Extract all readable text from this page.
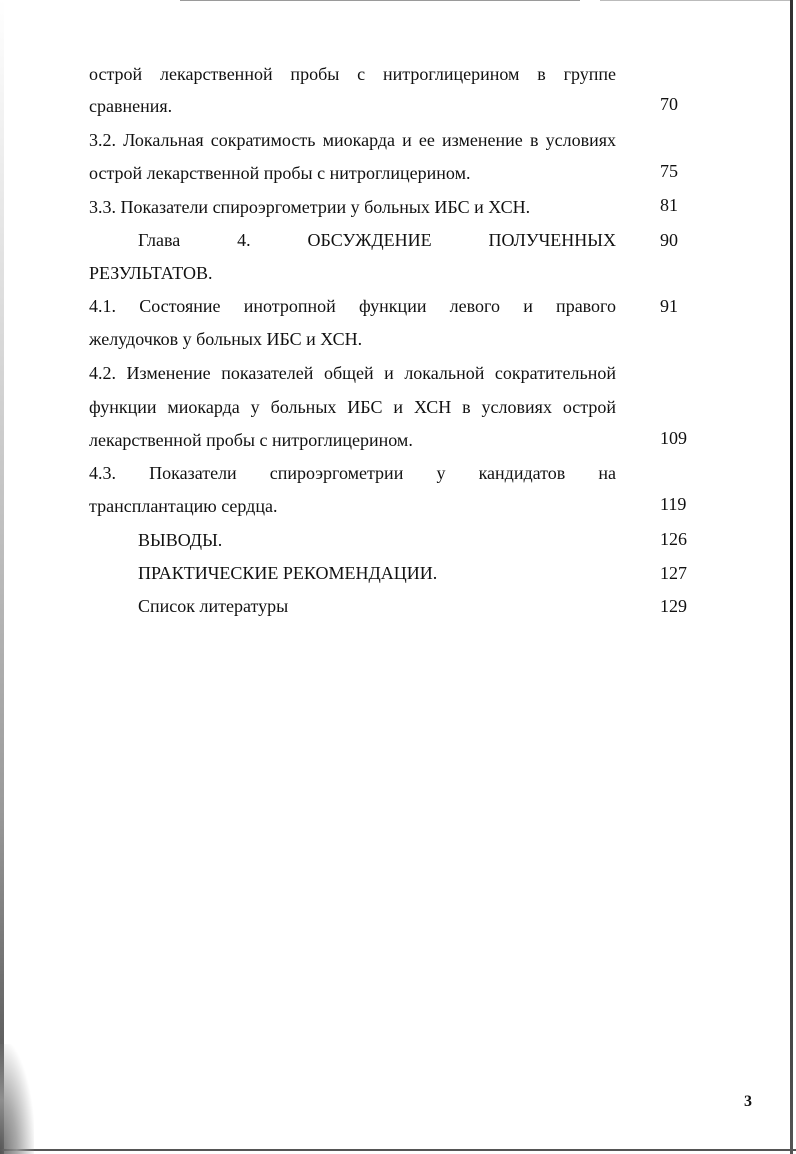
острой лекарственной пробы с нитроглицерином в группе
сравнения.	70
3.2. Локальная сократимость миокарда и ее изменение в условиях
острой лекарственной пробы с нитроглицерином.	75
3.3. Показатели спироэргометрии у больных ИБС и ХСН.	81
Глава 4. ОБСУЖДЕНИЕ ПОЛУЧЕННЫХ 90
РЕЗУЛЬТАТОВ.
4.1. Состояние инотропной функции левого и правого 91
желудочков у больных ИБС и ХСН.
4.2. Изменение показателей общей и локальной сократительной
функции миокарда у больных ИБС и ХСН в условиях острой
лекарственной пробы с нитроглицерином.	109
4.3. Показатели спироэргометрии у кандидатов на
трансплантацию сердца.	119
ВЫВОДЫ.	126
ПРАКТИЧЕСКИЕ РЕКОМЕНДАЦИИ.	127
Список литературы	129
3
